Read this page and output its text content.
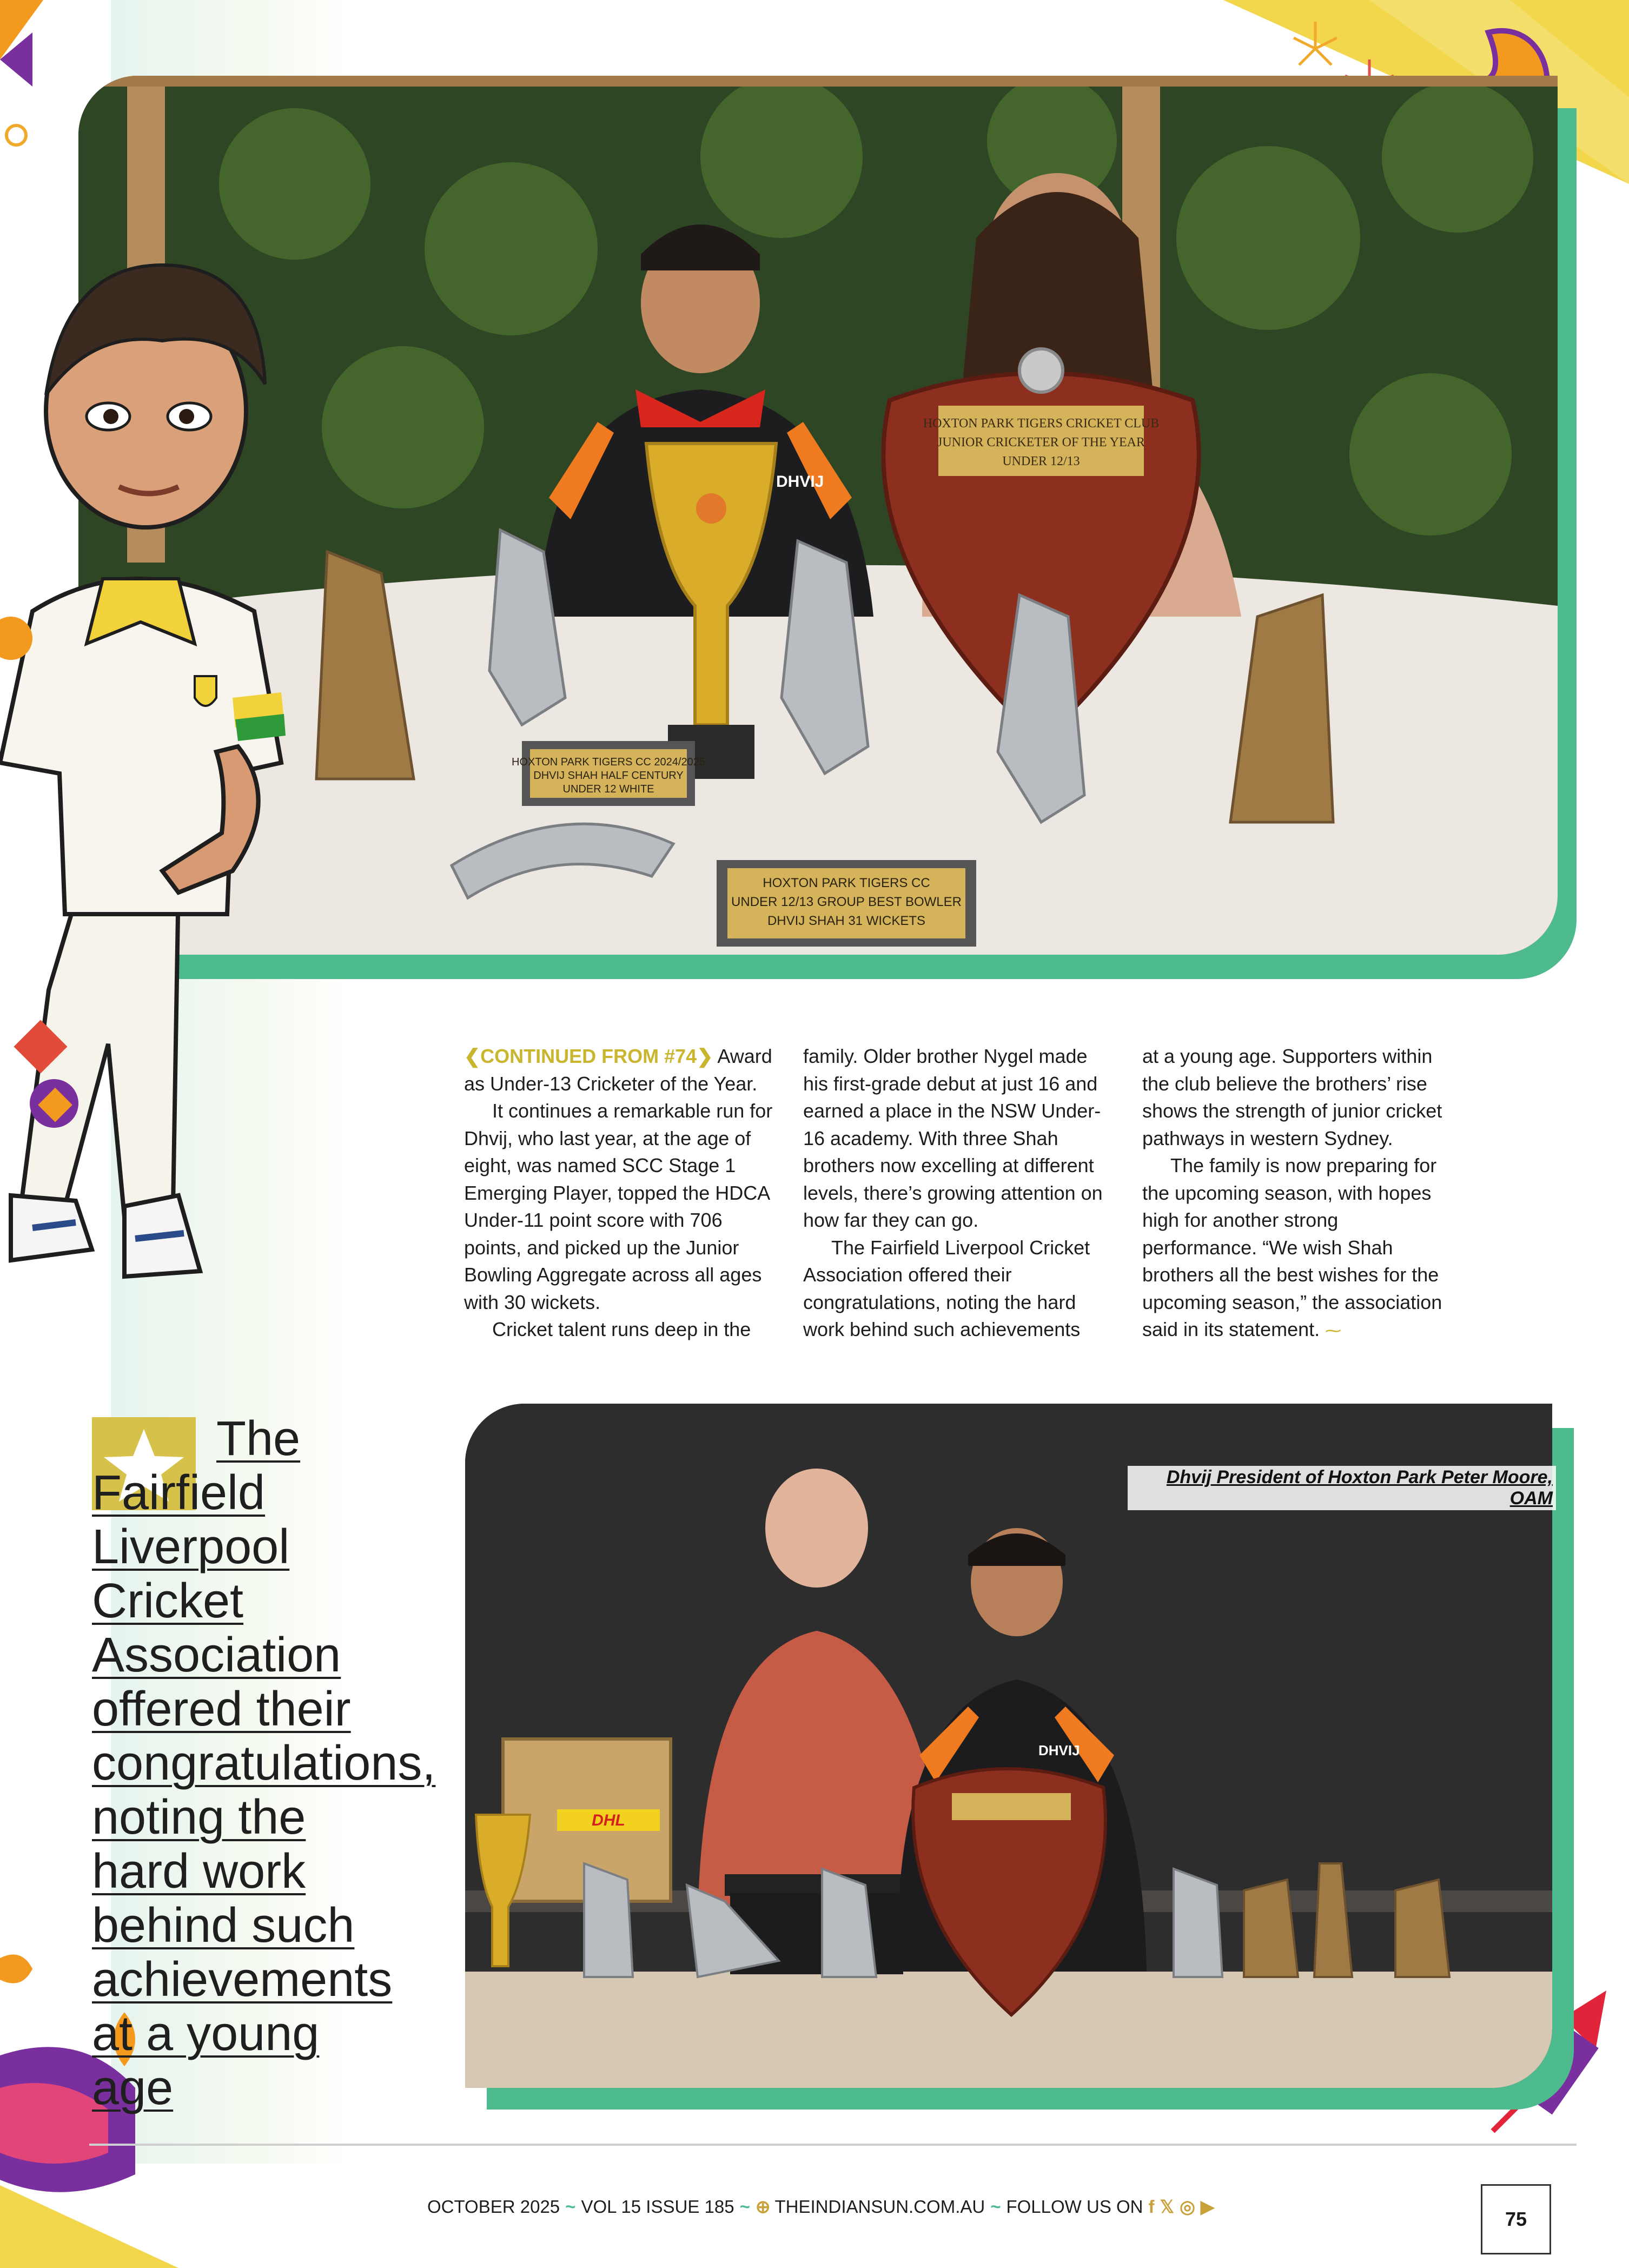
HOXTON PARK TIGERS CRICKET CLUB
JUNIOR CRICKETER OF THE YEAR
UNDER 12/13
HOXTON PARK TIGERS CC 2024/2025
DHVIJ SHAH HALF CENTURY
UNDER 12 WHITE
HOXTON PARK TIGERS CC
UNDER 12/13 GROUP BEST BOWLER
DHVIJ SHAH 31 WICKETS
DHVIJ

❮CONTINUED FROM #74❯ Award as Under-13 Cricketer of the Year.

It continues a remarkable run for Dhvij, who last year, at the age of eight, was named SCC Stage 1 Emerging Player, topped the HDCA Under-11 point score with 706 points, and picked up the Junior Bowling Aggregate across all ages with 30 wickets.

Cricket talent runs deep in the

family. Older brother Nygel made his first-grade debut at just 16 and earned a place in the NSW Under-16 academy. With three Shah brothers now excelling at different levels, there’s growing attention on how far they can go.

The Fairfield Liverpool Cricket Association offered their congratulations, noting the hard work behind such achievements

at a young age. Supporters within the club believe the brothers’ rise shows the strength of junior cricket pathways in western Sydney.

The family is now preparing for the upcoming season, with hopes high for another strong performance. “We wish Shah brothers all the best wishes for the upcoming season,” the association said in its statement. ⁓

The Fairfield Liverpool Cricket Association offered their congratulations, noting the hard work behind such achievements at a young age
DHL
DHVIJ
Dhvij President of Hoxton Park Peter Moore, OAM
OCTOBER 2025 ~ VOL 15 ISSUE 185 ~ ⊕ THEINDIANSUN.COM.AU ~ FOLLOW US ON f 𝕏 ◎ ▶
75
